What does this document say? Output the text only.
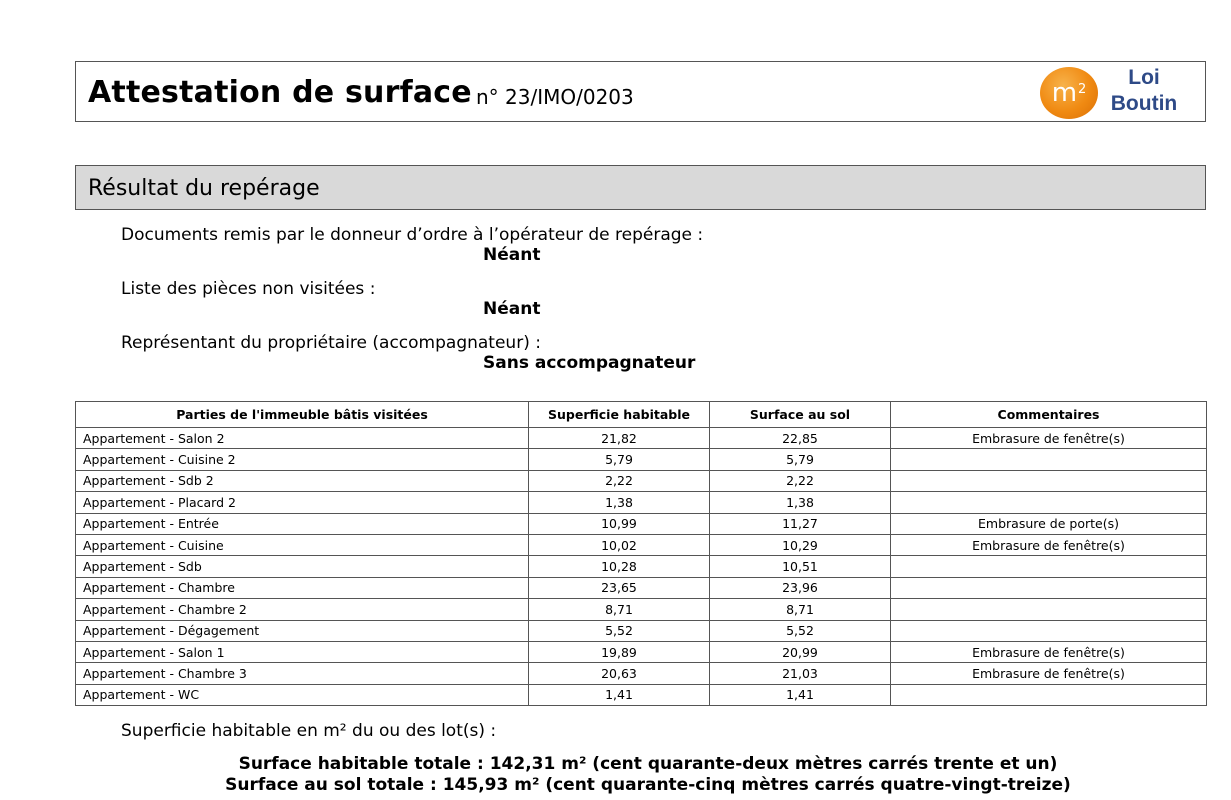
Attestation de surface n° 23/IMO/0203	$m^2$	Loi
Boutin
Résultat du repérage
Documents remis par le donneur d’ordre à l’opérateur de repérage :
Néant
Liste des pièces non visitées :
Néant
Représentant du propriétaire (accompagnateur) :
Sans accompagnateur
Parties de l'immeuble bâtis visitées	Superficie habitable	Surface au sol	Commentaires
Appartement - Salon 2	21,82	22,85	Embrasure de fenêtre(s)
Appartement - Cuisine 2	5,79	5,79	
Appartement - Sdb 2	2,22	2,22	
Appartement - Placard 2	1,38	1,38	
Appartement - Entrée	10,99	11,27	Embrasure de porte(s)
Appartement - Cuisine	10,02	10,29	Embrasure de fenêtre(s)
Appartement - Sdb	10,28	10,51	
Appartement - Chambre	23,65	23,96	
Appartement - Chambre 2	8,71	8,71	
Appartement - Dégagement	5,52	5,52	
Appartement - Salon 1	19,89	20,99	Embrasure de fenêtre(s)
Appartement - Chambre 3	20,63	21,03	Embrasure de fenêtre(s)
Appartement - WC	1,41	1,41	
Superficie habitable en m² du ou des lot(s) :
Surface habitable totale : 142,31 m² (cent quarante-deux mètres carrés trente et un)
Surface au sol totale : 145,93 m² (cent quarante-cinq mètres carrés quatre-vingt-treize)
